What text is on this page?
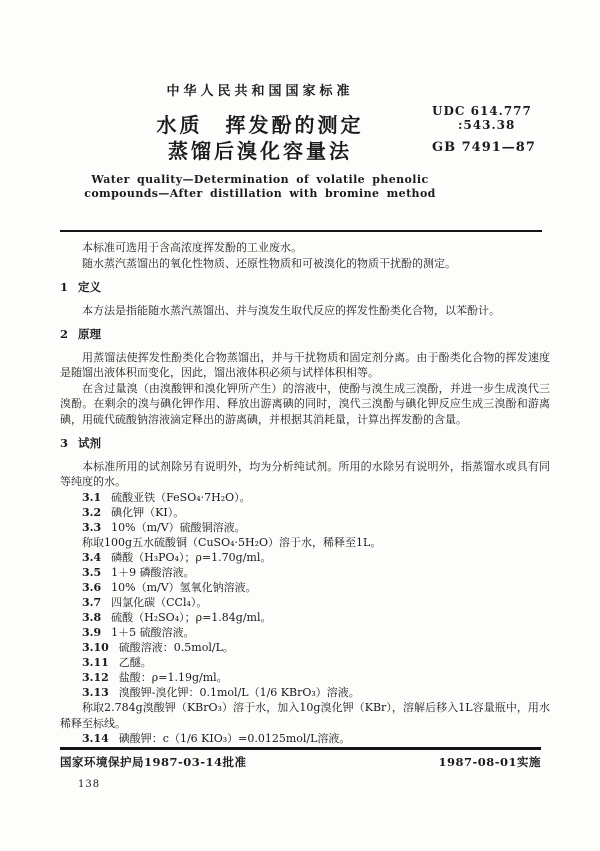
中华人民共和国国家标准
水质　挥发酚的测定
蒸馏后溴化容量法
Water quality—Determination of volatile phenolic
compounds—After distillation with bromine method
UDC 614.777
:543.38
GB 7491—87

本标准可选用于含高浓度挥发酚的工业废水。

随水蒸汽蒸馏出的氧化性物质、还原性物质和可被溴化的物质干扰酚的测定。

1 定义

本方法是指能随水蒸汽蒸馏出、并与溴发生取代反应的挥发性酚类化合物，以苯酚计。

2 原理

用蒸馏法使挥发性酚类化合物蒸馏出，并与干扰物质和固定剂分离。由于酚类化合物的挥发速度是随馏出液体积而变化，因此，馏出液体积必须与试样体积相等。

在含过量溴（由溴酸钾和溴化钾所产生）的溶液中，使酚与溴生成三溴酚，并进一步生成溴代三溴酚。在剩余的溴与碘化钾作用、释放出游离碘的同时，溴代三溴酚与碘化钾反应生成三溴酚和游离碘，用硫代硫酸钠溶液滴定释出的游离碘，并根据其消耗量，计算出挥发酚的含量。

3 试剂

本标准所用的试剂除另有说明外，均为分析纯试剂。所用的水除另有说明外，指蒸馏水或具有同等纯度的水。

3.1 硫酸亚铁（FeSO₄·7H₂O）。

3.2 碘化钾（KI）。

3.3 10%（m/V）硫酸铜溶液。

称取100g五水硫酸铜（CuSO₄·5H₂O）溶于水，稀释至1L。

3.4 磷酸（H₃PO₄）；ρ=1.70g/ml。

3.5 1＋9 磷酸溶液。

3.6 10%（m/V）氢氧化钠溶液。

3.7 四氯化碳（CCl₄）。

3.8 硫酸（H₂SO₄）；ρ=1.84g/ml。

3.9 1＋5 硫酸溶液。

3.10 硫酸溶液：0.5mol/L。

3.11 乙醚。

3.12 盐酸：ρ=1.19g/ml。

3.13 溴酸钾-溴化钾：0.1mol/L（1/6 KBrO₃）溶液。

称取2.784g溴酸钾（KBrO₃）溶于水，加入10g溴化钾（KBr），溶解后移入1L容量瓶中，用水稀释至标线。

3.14 碘酸钾：c（1/6 KIO₃）=0.0125mol/L溶液。

国家环境保护局1987-03-14批准	1987-08-01实施
138
